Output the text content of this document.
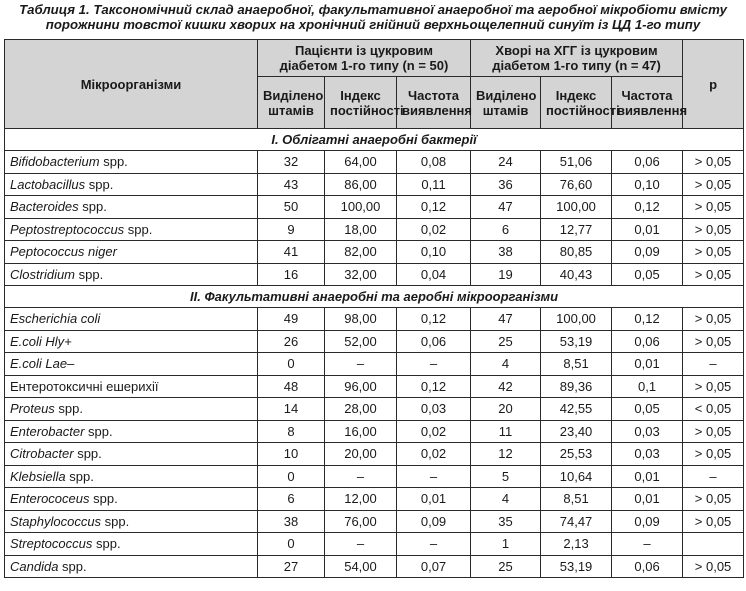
Таблиця 1. Таксономічний склад анаеробної, факультативної анаеробної та аеробної мікробіоти вмісту
порожнини товстої кишки хворих на хронічний гнійний верхньощелепний синуїт із ЦД 1-го типу
Мікроорганізми	Пацієнти із цукровим діабетом 1-го типу (n = 50)			Хворі на ХГГ із цукровим діабетом 1-го типу (n = 47)			p
	Виділено штамів	Індекс постійності	Частота виявлення	Виділено штамів	Індекс постійності	Частота виявлення	
I. Облігатні анаеробні бактерії							
Bifidobacterium spp.	32	64,00	0,08	24	51,06	0,06	> 0,05
Lactobacillus spp.	43	86,00	0,11	36	76,60	0,10	> 0,05
Bacteroides spp.	50	100,00	0,12	47	100,00	0,12	> 0,05
Peptostreptococcus spp.	9	18,00	0,02	6	12,77	0,01	> 0,05
Peptococcus niger	41	82,00	0,10	38	80,85	0,09	> 0,05
Clostridium spp.	16	32,00	0,04	19	40,43	0,05	> 0,05
II. Факультативні анаеробні та аеробні мікроорганізми							
Escherichia coli	49	98,00	0,12	47	100,00	0,12	> 0,05
E.coli Hly+	26	52,00	0,06	25	53,19	0,06	> 0,05
E.coli Lae–	0	–	–	4	8,51	0,01	–
Ентеротоксичні ешерихії	48	96,00	0,12	42	89,36	0,1	> 0,05
Proteus spp.	14	28,00	0,03	20	42,55	0,05	< 0,05
Enterobacter spp.	8	16,00	0,02	11	23,40	0,03	> 0,05
Citrobacter spp.	10	20,00	0,02	12	25,53	0,03	> 0,05
Klebsiella spp.	0	–	–	5	10,64	0,01	–
Enterococeus spp.	6	12,00	0,01	4	8,51	0,01	> 0,05
Staphylococcus spp.	38	76,00	0,09	35	74,47	0,09	> 0,05
Streptococcus spp.	0	–	–	1	2,13	–	
Candida spp.	27	54,00	0,07	25	53,19	0,06	> 0,05
